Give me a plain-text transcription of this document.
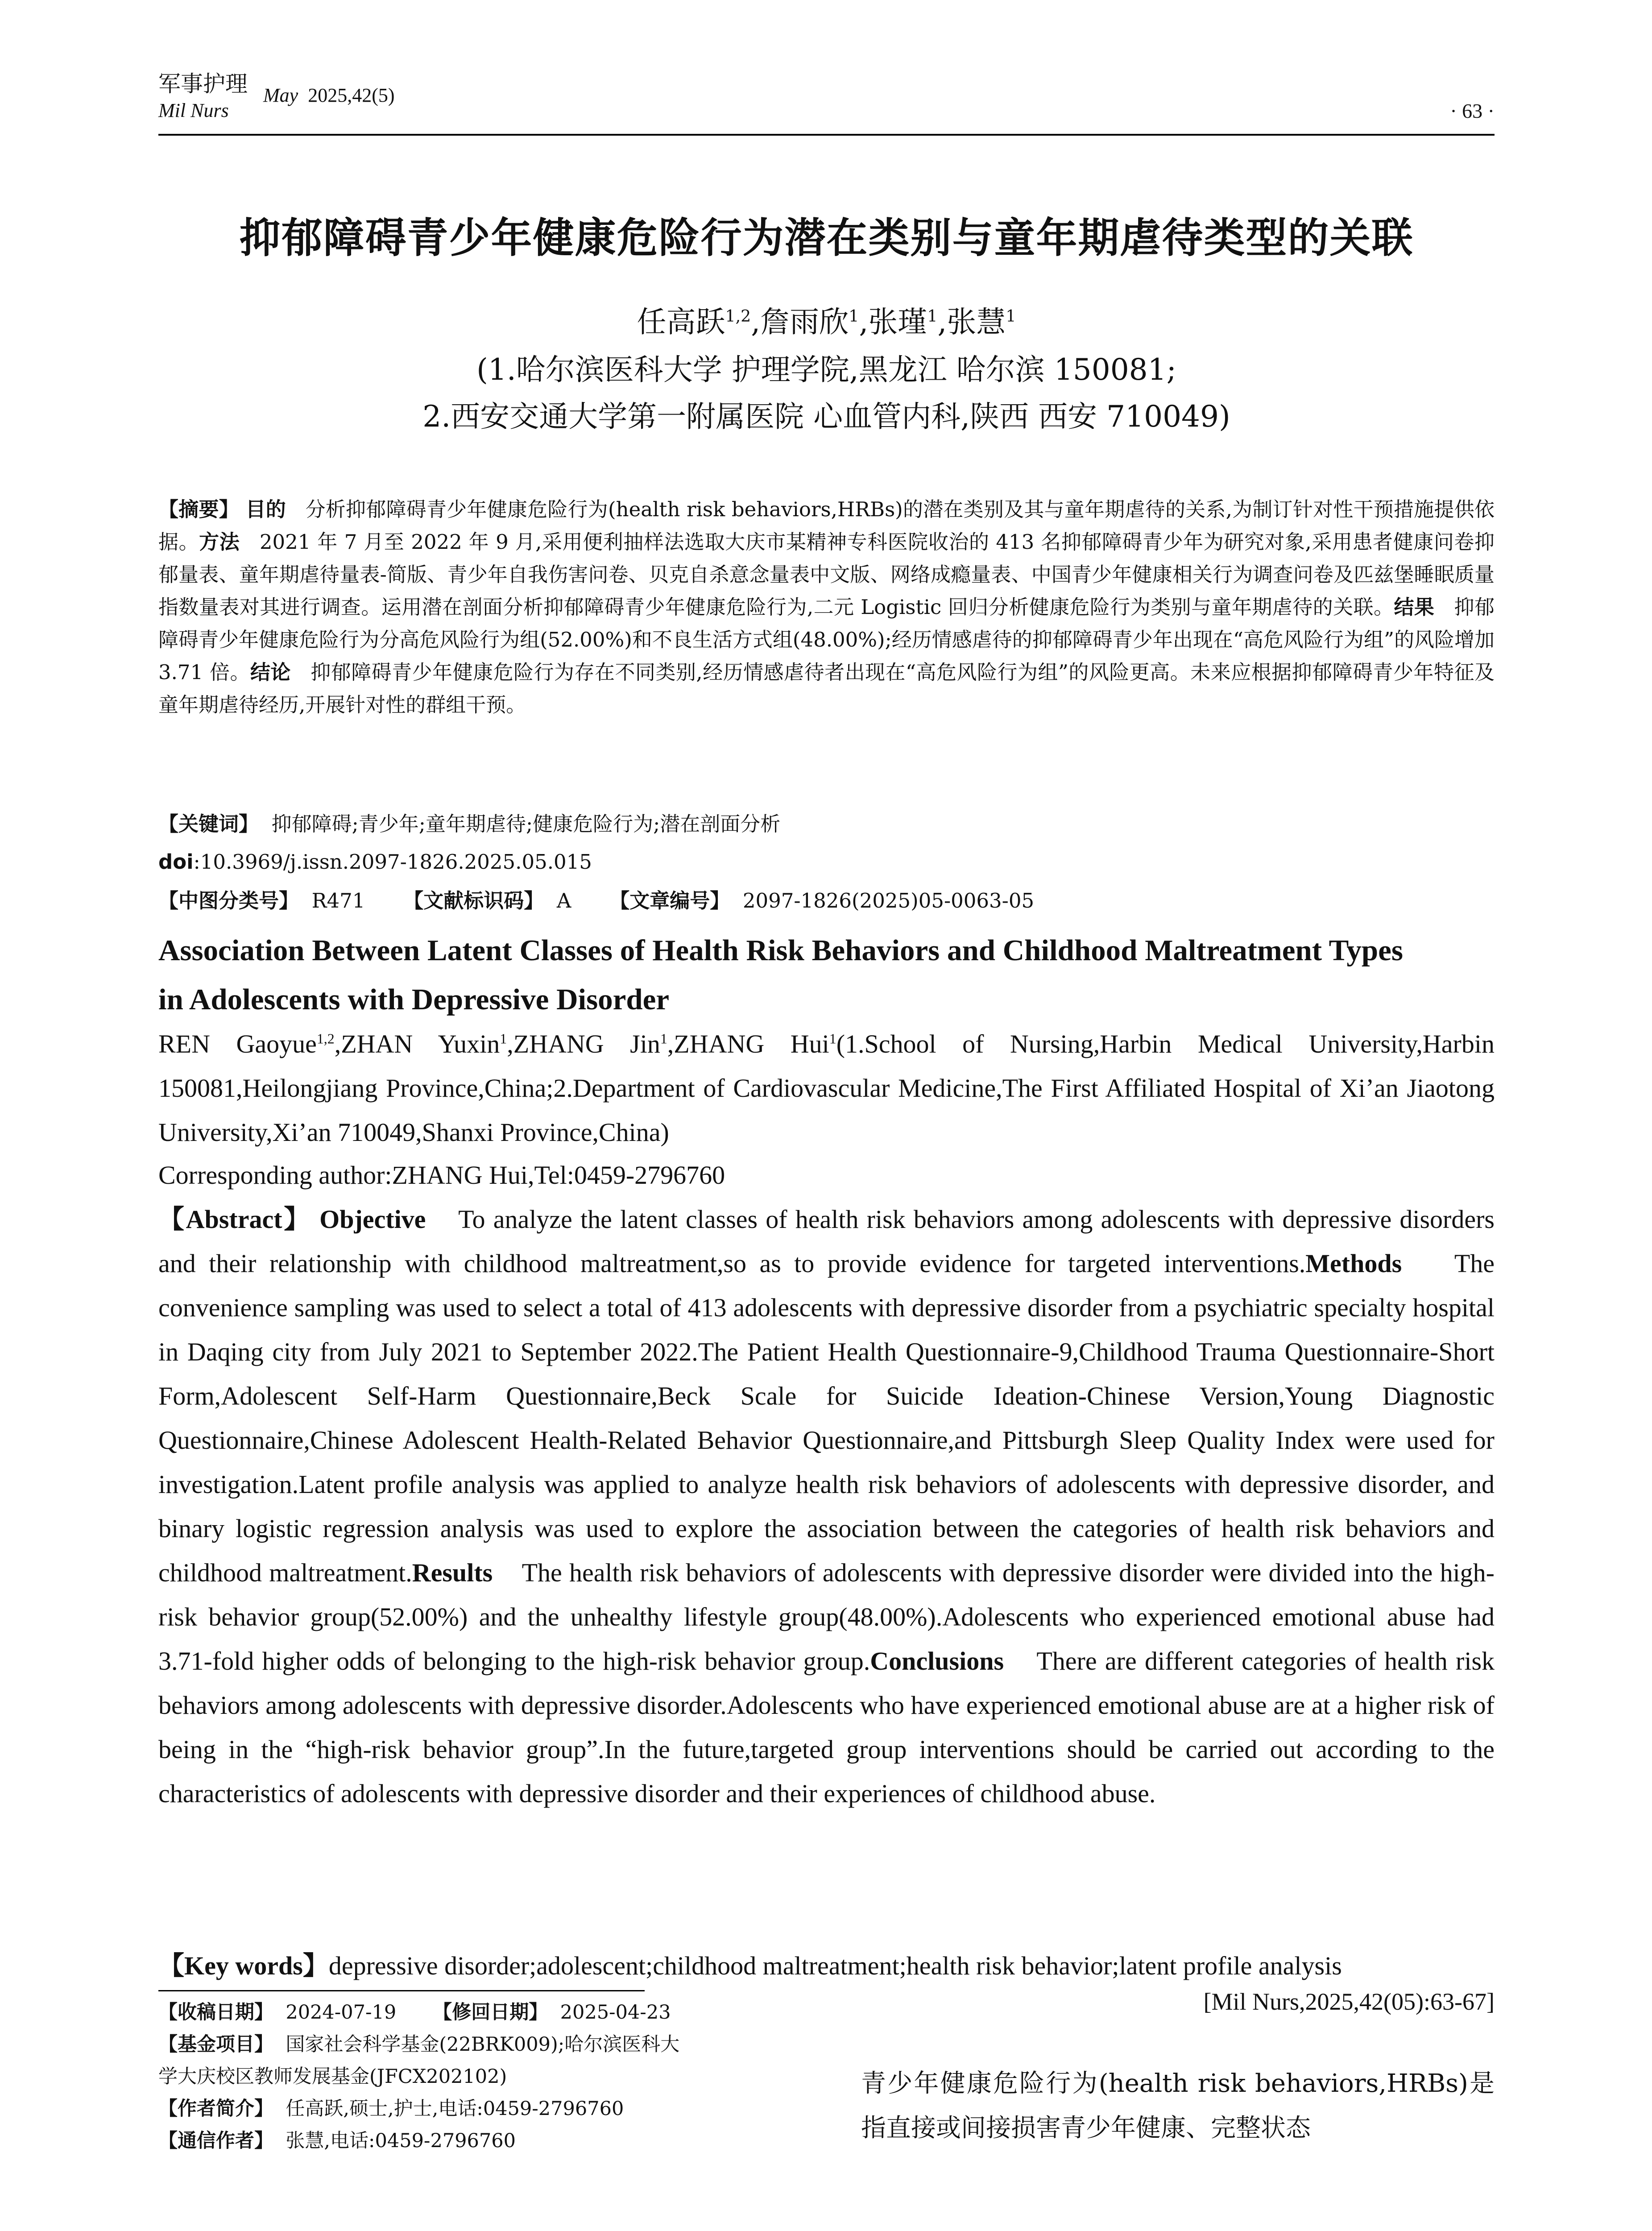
军事护理
Mil Nurs
May 2025,42(5)
· 63 ·
抑郁障碍青少年健康危险行为潜在类别与童年期虐待类型的关联
任高跃$^{1,2}$,詹雨欣$^1$,张瑾$^1$,张慧$^1$
(1.哈尔滨医科大学 护理学院,黑龙江 哈尔滨 150081;
2.西安交通大学第一附属医院 心血管内科,陕西 西安 710049)
【摘要】 目的 分析抑郁障碍青少年健康危险行为(health risk behaviors,HRBs)的潜在类别及其与童年期虐待的关系,为制订针对性干预措施提供依据。方法 2021 年 7 月至 2022 年 9 月,采用便利抽样法选取大庆市某精神专科医院收治的 413 名抑郁障碍青少年为研究对象,采用患者健康问卷抑郁量表、童年期虐待量表-简版、青少年自我伤害问卷、贝克自杀意念量表中文版、网络成瘾量表、中国青少年健康相关行为调查问卷及匹兹堡睡眠质量指数量表对其进行调查。运用潜在剖面分析抑郁障碍青少年健康危险行为,二元 Logistic 回归分析健康危险行为类别与童年期虐待的关联。结果 抑郁障碍青少年健康危险行为分高危风险行为组(52.00%)和不良生活方式组(48.00%);经历情感虐待的抑郁障碍青少年出现在“高危风险行为组”的风险增加 3.71 倍。结论 抑郁障碍青少年健康危险行为存在不同类别,经历情感虐待者出现在“高危风险行为组”的风险更高。未来应根据抑郁障碍青少年特征及童年期虐待经历,开展针对性的群组干预。
【关键词】 抑郁障碍;青少年;童年期虐待;健康危险行为;潜在剖面分析
doi:10.3969/j.issn.2097-1826.2025.05.015
【中图分类号】 R471 【文献标识码】 A 【文章编号】 2097-1826(2025)05-0063-05
Association Between Latent Classes of Health Risk Behaviors and Childhood Maltreatment Types
in Adolescents with Depressive Disorder
REN Gaoyue$^{1,2}$,ZHAN Yuxin$^1$,ZHANG Jin$^1$,ZHANG Hui$^1$(1.School of Nursing,Harbin Medical University,Harbin 150081,Heilongjiang Province,China;2.Department of Cardiovascular Medicine,The First Affiliated Hospital of Xi’an Jiaotong University,Xi’an 710049,Shanxi Province,China)
Corresponding author:ZHANG Hui,Tel:0459-2796760
【Abstract】 Objective To analyze the latent classes of health risk behaviors among adolescents with depressive disorders and their relationship with childhood maltreatment,so as to provide evidence for targeted interventions.Methods The convenience sampling was used to select a total of 413 adolescents with depressive disorder from a psychiatric specialty hospital in Daqing city from July 2021 to September 2022.The Patient Health Questionnaire-9,Childhood Trauma Questionnaire-Short Form,Adolescent Self-Harm Questionnaire,Beck Scale for Suicide Ideation-Chinese Version,Young Diagnostic Questionnaire,Chinese Adolescent Health-Related Behavior Questionnaire,and Pittsburgh Sleep Quality Index were used for investigation.Latent profile analysis was applied to analyze health risk behaviors of adolescents with depressive disorder, and binary logistic regression analysis was used to explore the association between the categories of health risk behaviors and childhood maltreatment.Results The health risk behaviors of adolescents with depressive disorder were divided into the high-risk behavior group(52.00%) and the unhealthy lifestyle group(48.00%).Adolescents who experienced emotional abuse had 3.71-fold higher odds of belonging to the high-risk behavior group.Conclusions There are different categories of health risk behaviors among adolescents with depressive disorder.Adolescents who have experienced emotional abuse are at a higher risk of being in the “high-risk behavior group”.In the future,targeted group interventions should be carried out according to the characteristics of adolescents with depressive disorder and their experiences of childhood abuse.
【Key words】depressive disorder;adolescent;childhood maltreatment;health risk behavior;latent profile analysis
【收稿日期】 2024-07-19 【修回日期】 2025-04-23
【基金项目】 国家社会科学基金(22BRK009);哈尔滨医科大
学大庆校区教师发展基金(JFCX202102)
【作者简介】 任高跃,硕士,护士,电话:0459-2796760
【通信作者】 张慧,电话:0459-2796760
[Mil Nurs,2025,42(05):63-67]
青少年健康危险行为(health risk behaviors,HRBs)是指直接或间接损害青少年健康、完整状态
